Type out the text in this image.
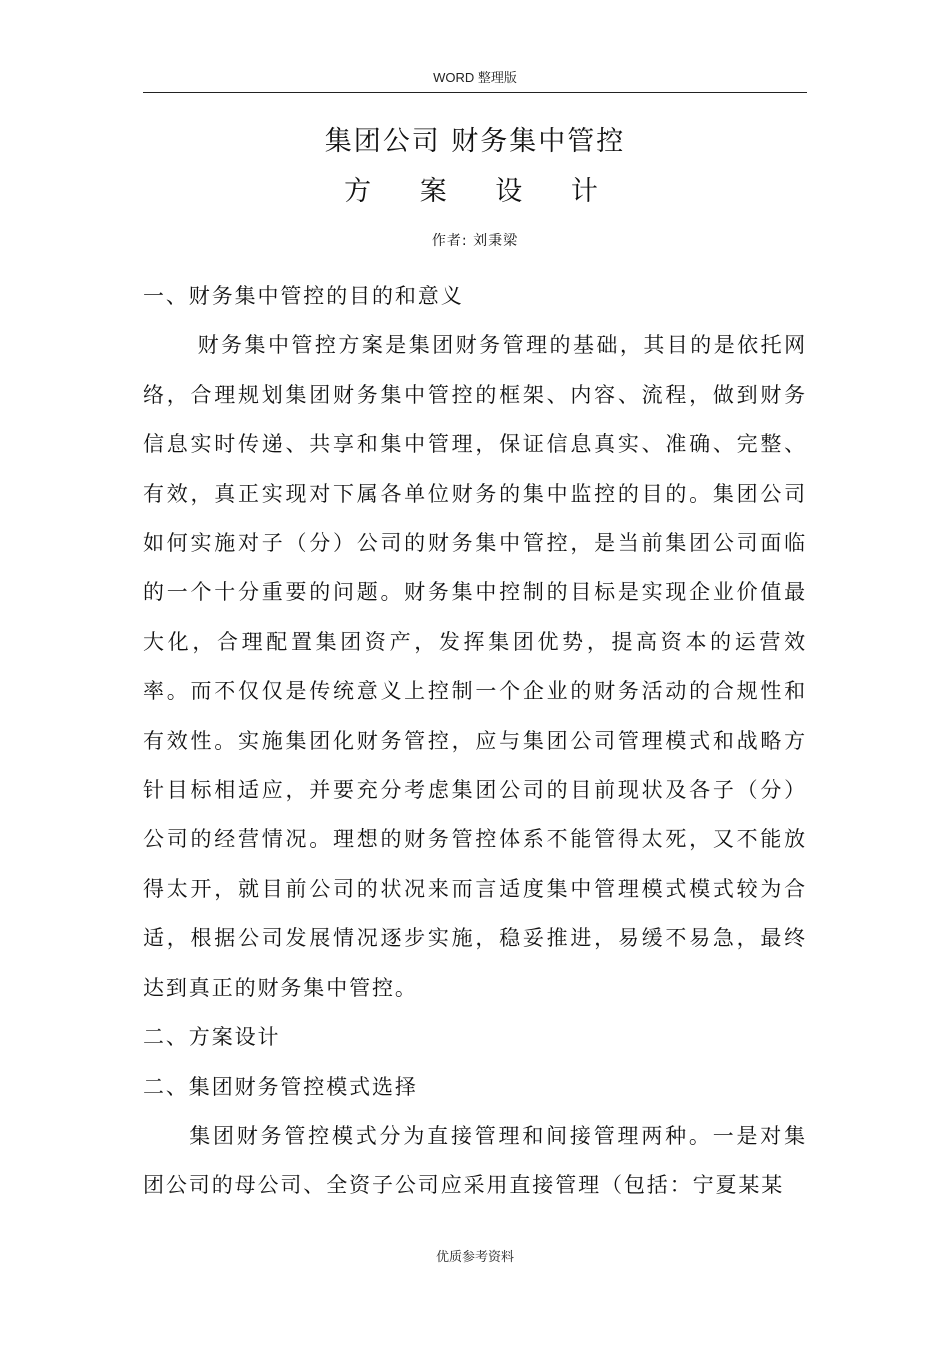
WORD 整理版
集团公司 财务集中管控
方 案 设 计
作者: 刘秉梁

一、财务集中管控的目的和意义

财务集中管控方案是集团财务管理的基础，其目的是依托网络，合理规划集团财务集中管控的框架、内容、流程，做到财务信息实时传递、共享和集中管理，保证信息真实、准确、完整、有效，真正实现对下属各单位财务的集中监控的目的。集团公司如何实施对子（分）公司的财务集中管控，是当前集团公司面临的一个十分重要的问题。财务集中控制的目标是实现企业价值最大化，合理配置集团资产，发挥集团优势，提高资本的运营效率。而不仅仅是传统意义上控制一个企业的财务活动的合规性和有效性。实施集团化财务管控，应与集团公司管理模式和战略方针目标相适应，并要充分考虑集团公司的目前现状及各子（分）公司的经营情况。理想的财务管控体系不能管得太死，又不能放得太开，就目前公司的状况来而言适度集中管理模式模式较为合适，根据公司发展情况逐步实施，稳妥推进，易缓不易急，最终达到真正的财务集中管控。

二、方案设计

二、集团财务管控模式选择

集团财务管控模式分为直接管理和间接管理两种。一是对集团公司的母公司、全资子公司应采用直接管理（包括：宁夏某某

优质参考资料
